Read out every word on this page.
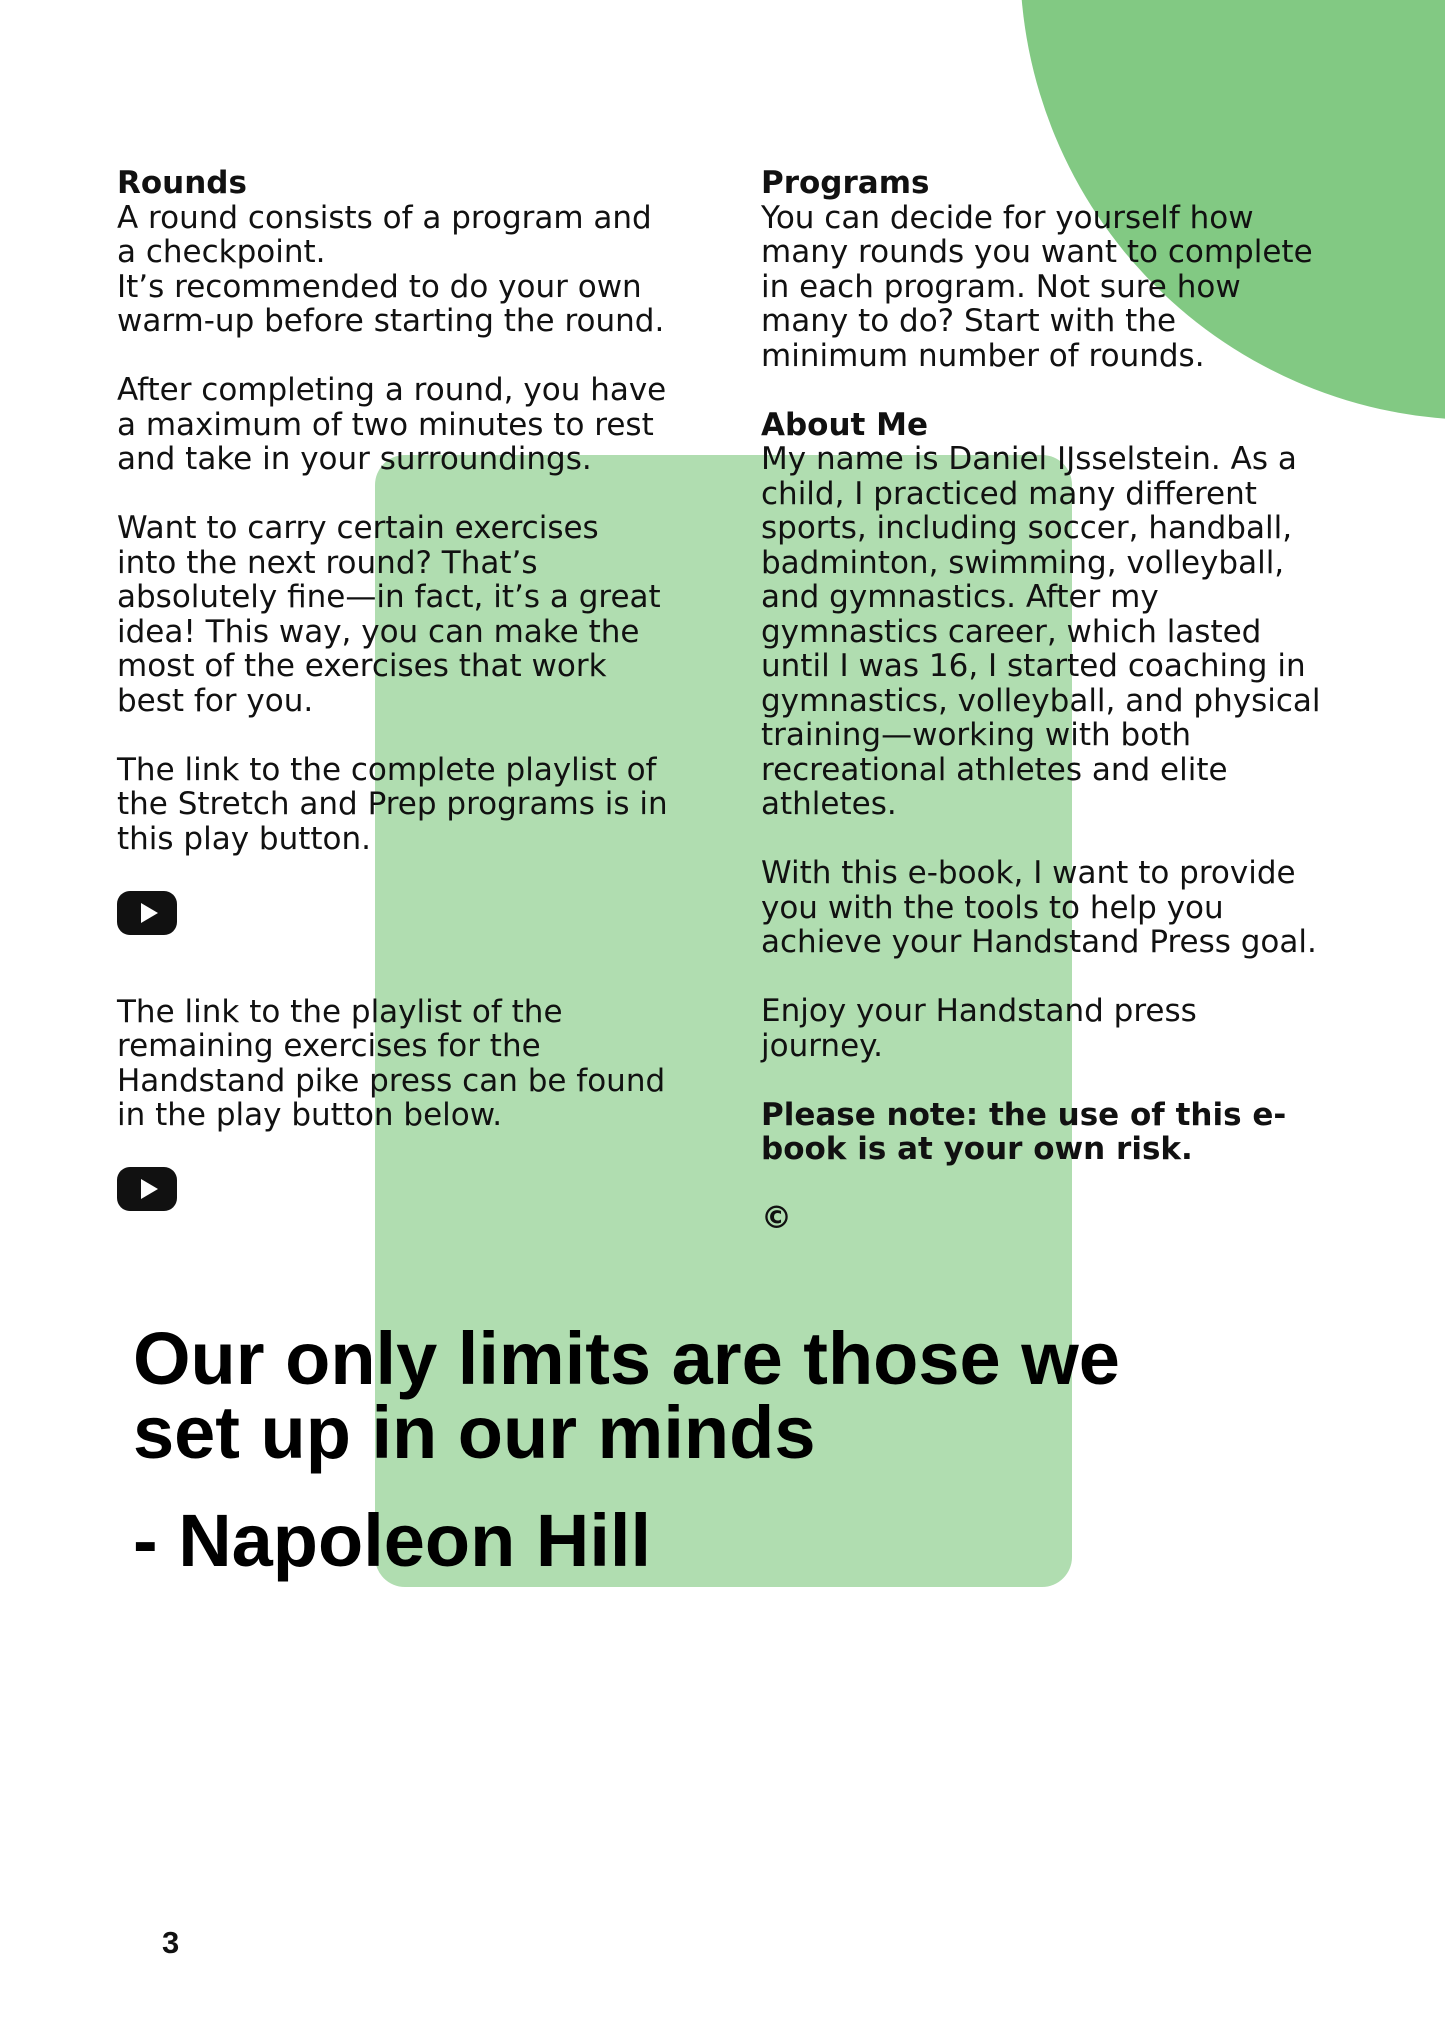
Rounds

A round consists of a program and
a checkpoint.
It’s recommended to do your own
warm-up before starting the round.

After completing a round, you have
a maximum of two minutes to rest
and take in your surroundings.

Want to carry certain exercises
into the next round? That’s
absolutely fine—in fact, it’s a great
idea! This way, you can make the
most of the exercises that work
best for you.

The link to the complete playlist of
the Stretch and Prep programs is in
this play button.

The link to the playlist of the
remaining exercises for the
Handstand pike press can be found
in the play button below.

Programs

You can decide for yourself how
many rounds you want to complete
in each program. Not sure how
many to do? Start with the
minimum number of rounds.

About Me

My name is Daniel IJsselstein. As a
child, I practiced many different
sports, including soccer, handball,
badminton, swimming, volleyball,
and gymnastics. After my
gymnastics career, which lasted
until I was 16, I started coaching in
gymnastics, volleyball, and physical
training—working with both
recreational athletes and elite
athletes.

With this e-book, I want to provide
you with the tools to help you
achieve your Handstand Press goal.

Enjoy your Handstand press
journey.

Please note: the use of this e-
book is at your own risk.

©
Our only limits are those we
set up in our minds
- Napoleon Hill
3
